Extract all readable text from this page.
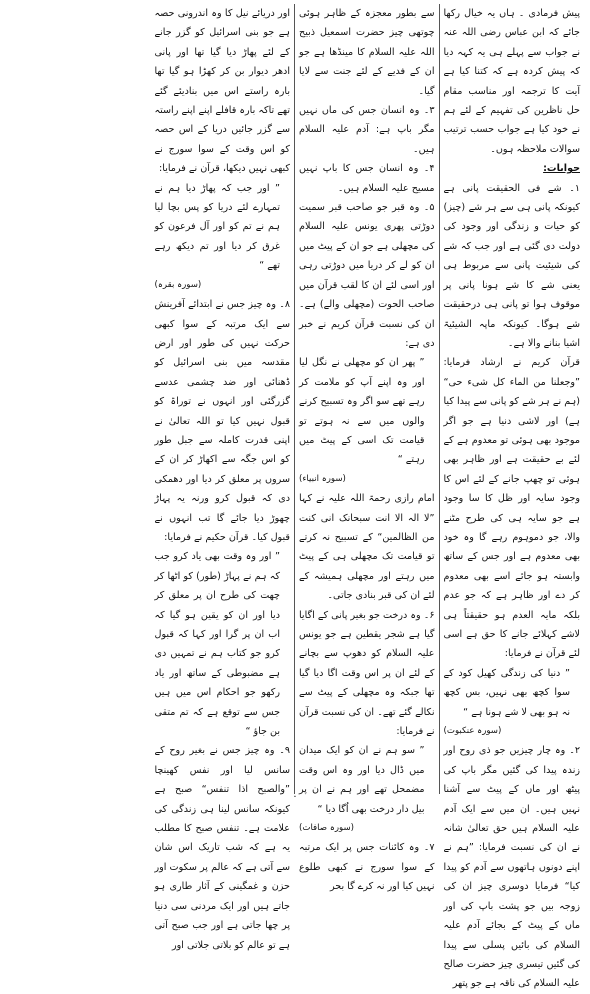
پیش فرمادی ۔ ہاں یہ خیال رکھا جائے کہ ابن عباس رضی اللہ عنہ نے جواب سے پہلے ہی یہ کہہ دیا کہ پیش کردہ ہے کہ کتنا کیا ہے آیت کا ترجمہ اور مناسب مقام حل ناظرین کی تفہیم کے لئے ہم نے خود کیا ہے جواب حسب ترتیب سوالات ملاحظہ ہوں۔

جوابات:

۱۔ شے فی الحقیقت پانی ہے کیونکہ پانی ہی سے ہر شے (چیز) کو حیات و زندگی اور وجود کی دولت دی گئی ہے اور جب کہ شے کی شیئیت پانی سے مربوط ہی یعنی شے کا شے ہونا پانی پر موقوف ہوا تو پانی ہی درحقیقت شے ہوگا۔ کیونکہ ماپہ الشیئیۃ اشیا بنانے والا ہے۔

قرآن کریم نے ارشاد فرمایا: ”وجعلنا من الماء کل شیء حی“ (ہم نے ہر شے کو پانی سے پیدا کیا ہے) اور لاشی دنیا ہے جو اگر موجود بھی ہوئی تو معدوم ہے کے لئے بے حقیقت ہے اور ظاہر بھی ہوئی تو چھپ جانے کے لئے اس کا وجود سایہ اور ظل کا سا وجود ہے جو سایہ ہی کی طرح مٹنے والا، جو دموہوم رہے گا وہ خود بھی معدوم ہے اور جس کے ساتھ وابستہ ہو جائے اسے بھی معدوم کر دے اور ظاہر ہے کہ جو عدم بلکہ مایہ العدم ہو حقیقتاً ہی لاشے کہلائے جانے کا حق ہے اسی لئے قرآن نے فرمایا:

” دنیا کی زندگی کھیل کود کے سوا کچھ بھی نہیں، بس کچھ نہ ہو بھی لا شے ہونا ہے “

(سورہ عنکبوت)

۲۔ وہ چار چیزیں جو ذی روح اور زندہ پیدا کی گئیں مگر باپ کی پیٹھ اور ماں کے پیٹ سے آشنا نہیں ہیں۔ ان میں سے ایک آدم علیہ السلام ہیں حق تعالیٰ شانہ نے ان کی نسبت فرمایا: ”ہم نے اپنے دونوں ہاتھوں سے آدم کو پیدا کیا“ فرمایا دوسری چیز ان کی زوجہ بیں جو پشت باپ کی اور ماں کے پیٹ کے بجائے آدم علیہ السلام کی بائیں پسلی سے پیدا کی گئیں تیسری چیز حضرت صالح علیہ السلام کی ناقہ ہے جو پتھر

سے بطور معجزہ کے ظاہر ہوئی چوتھی چیز حضرت اسمعیل ذبیح اللہ علیہ السلام کا مینڈھا ہے جو ان کے فدیے کے لئے جنت سے لایا گیا۔

۳۔ وہ انسان جس کی ماں نہیں مگر باپ ہے: آدم علیہ السلام ہیں۔

۴۔ وہ انسان جس کا باپ نہیں مسیح علیہ السلام ہیں۔

۵۔ وہ قبر جو صاحب قبر سمیت دوڑتی پھری یونس علیہ السلام کی مچھلی ہے جو ان کے پیٹ میں ان کو لے کر دریا میں دوڑتی رہی اور اسی لئے ان کا لقب قرآن میں صاحب الحوت (مچھلی والے) ہے۔ ان کی نسبت قرآن کریم نے خبر دی ہے:

” پھر ان کو مچھلی نے نگل لیا اور وہ اپنے آپ کو ملامت کر رہے تھے سو اگر وہ تسبیح کرنے والوں میں سے نہ ہوتے تو قیامت تک اسی کے پیٹ میں رہتے “

(سورہ انبیاء)

امام رازی رحمۃ اللہ علیہ نے کہا ”لا الہ الا انت سبحانک انی کنت من الظالمین“ کے تسبیح نہ کرتے تو قیامت تک مچھلی ہی کے پیٹ میں رہتے اور مچھلی ہمیشہ کے لئے ان کی قبر بنادی جاتی۔

۶۔ وہ درخت جو بغیر پانی کے اگایا گیا ہے شجر یقطین ہے جو یونس علیہ السلام کو دھوپ سے بچانے کے لئے ان پر اس وقت اگا دیا گیا تھا جبکہ وہ مچھلی کے پیٹ سے نکالے گئے تھے۔ ان کی نسبت قرآن نے فرمایا:

” سو ہم نے ان کو ایک میدان میں ڈال دیا اور وہ اس وقت مضمحل تھے اور ہم نے ان پر بیل دار درخت بھی اُگا دیا “

(سورہ صافات)

۷۔ وہ کائنات جس پر ایک مرتبہ کے سوا سورج نے کبھی طلوع نہیں کیا اور نہ کرے گا بحر

اور دریائے نیل کا وہ اندرونی حصہ ہے جو بنی اسرائیل کو گزر جانے کے لئے پھاڑ دیا گیا تھا اور پانی ادھر دیوار بن کر کھڑا ہو گیا تھا بارہ راستے اس میں بنادیئے گئے تھے تاکہ بارہ قافلے اپنے اپنے راستہ سے گزر جائیں دریا کے اس حصہ کو اس وقت کے سوا سورج نے کبھی نہیں دیکھا، قرآن نے فرمایا:

” اور جب کہ پھاڑ دیا ہم نے تمہارے لئے دریا کو پس بچا لیا ہم نے تم کو اور آل فرعون کو غرق کر دیا اور تم دیکھ رہے تھے “

(سورہ بقرہ)

۸۔ وہ چیز جس نے ابتدائے آفرینش سے ایک مرتبہ کے سوا کبھی حرکت نہیں کی طور اور ارض مقدسہ میں بنی اسرائیل کو ڈھنائی اور ضد چشمی عدسے گزرگئی اور انہوں نے توراۃ کو قبول نہیں کیا تو اللہ تعالیٰ نے اپنی قدرت کاملہ سے جبل طور کو اس جگہ سے اکھاڑ کر ان کے سروں پر معلق کر دیا اور دھمکی دی کہ قبول کرو ورنہ یہ پہاڑ چھوڑ دیا جائے گا تب انہوں نے قبول کیا۔ قرآن حکیم نے فرمایا:

” اور وہ وقت بھی یاد کرو جب کہ ہم نے پہاڑ (طور) کو اٹھا کر چھت کی طرح ان پر معلق کر دیا اور ان کو یقین ہو گیا کہ اب ان پر گرا اور کہا کہ قبول کرو جو کتاب ہم نے تمہیں دی ہے مضبوطی کے ساتھ اور یاد رکھو جو احکام اس میں ہیں جس سے توقع ہے کہ تم متقی بن جاؤ “

۹۔ وہ چیز جس نے بغیر روح کے سانس لیا اور نفس کھینچا ”والصبح اذا تنفس“ صبح ہے کیونکہ سانس لینا ہی زندگی کی علامت ہے۔ تنفس صبح کا مطلب یہ ہے کہ شب تاریک اس شان سے آتی ہے کہ عالم پر سکوت اور حزن و غمگینی کے آثار طاری ہو جاتے ہیں اور ایک مردنی سی دنیا پر چھا جاتی ہے اور جب صبح آتی ہے تو عالم کو بلاتی جلاتی اور

.
